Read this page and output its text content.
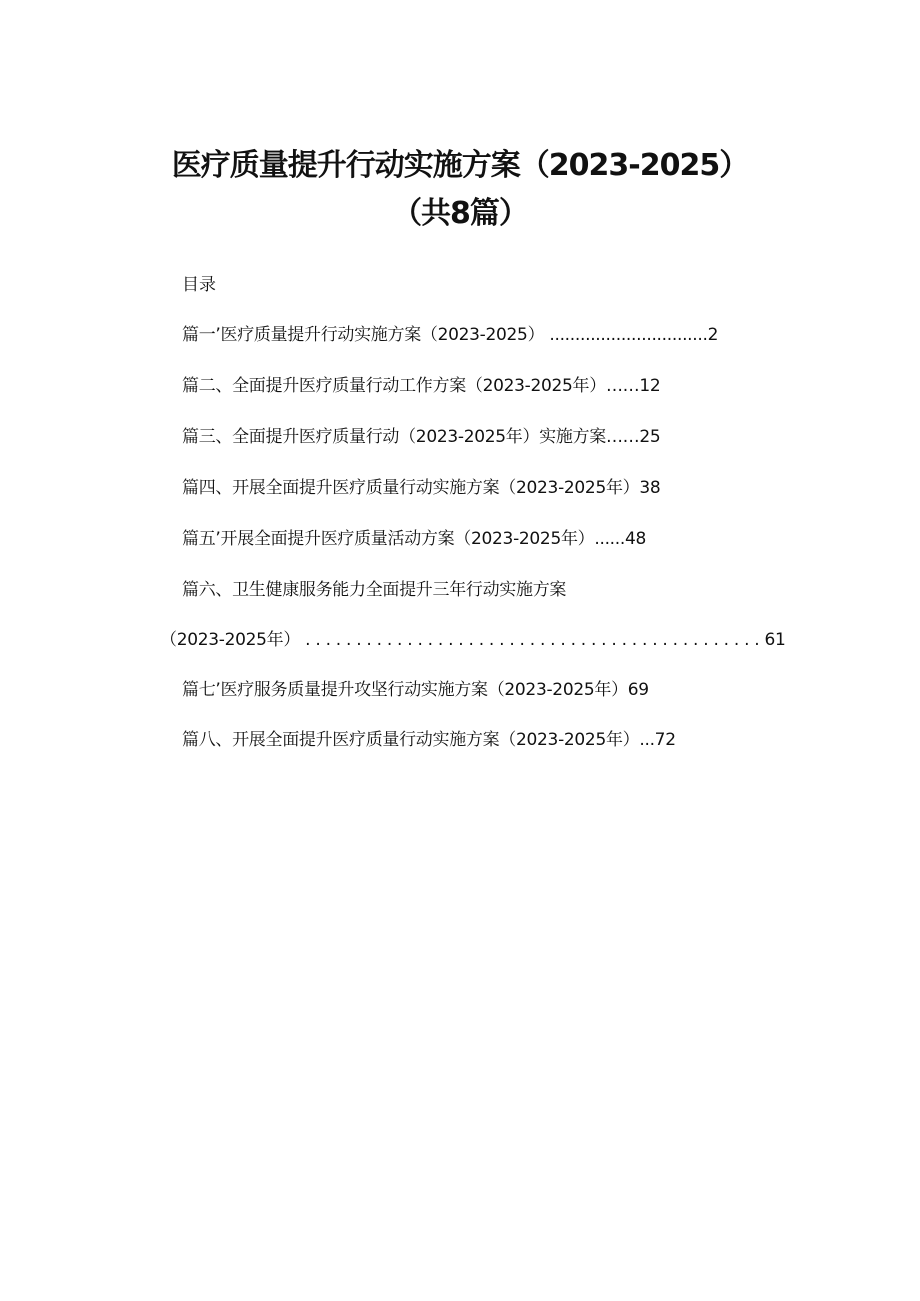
医疗质量提升行动实施方案（2023-2025）
（共8篇）
目录
篇一’医疗质量提升行动实施方案（2023-2025） ...............................2
篇二、全面提升医疗质量行动工作方案（2023-2025年）……12
篇三、全面提升医疗质量行动（2023-2025年）实施方案……25
篇四、开展全面提升医疗质量行动实施方案（2023-2025年）38
篇五’开展全面提升医疗质量活动方案（2023-2025年）......48
篇六、卫生健康服务能力全面提升三年行动实施方案
（2023-2025年） . . . . . . . . . . . . . . . . . . . . . . . . . . . . . . . . . . . . . . . . . . . . . 61
篇七’医疗服务质量提升攻坚行动实施方案（2023-2025年）69
篇八、开展全面提升医疗质量行动实施方案（2023-2025年）...72
